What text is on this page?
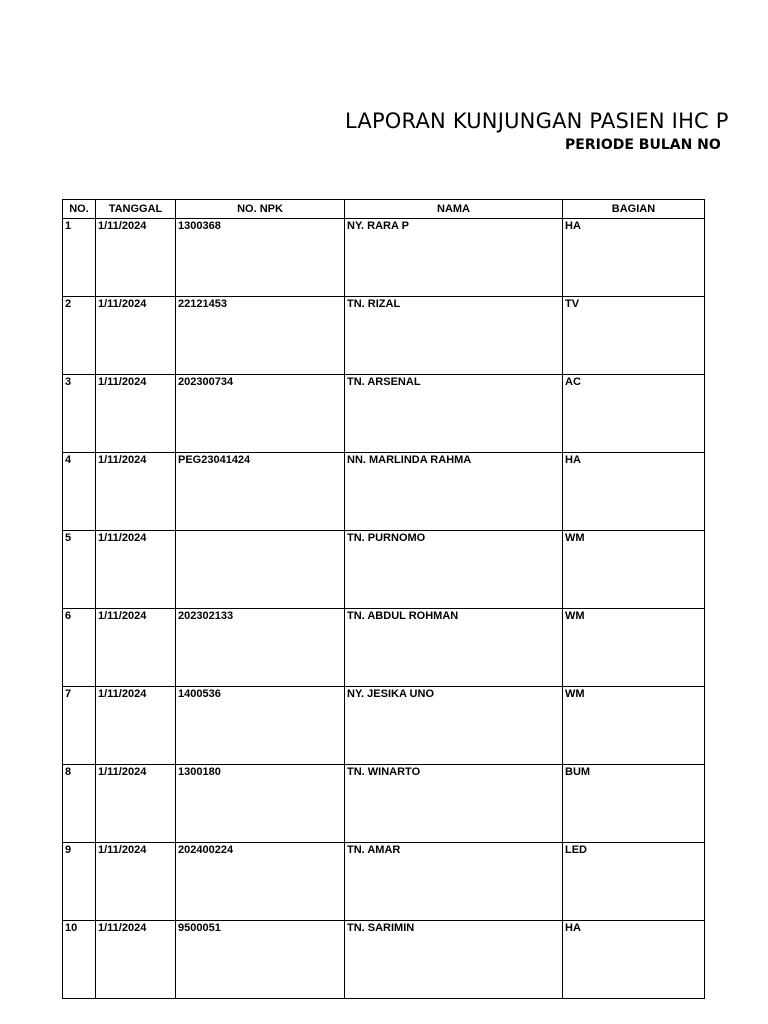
LAPORAN KUNJUNGAN PASIEN IHC P
PERIODE BULAN NO
NO.	TANGGAL	NO. NPK	NAMA	BAGIAN
1	1/11/2024	1300368	NY. RARA P	HA
2	1/11/2024	22121453	TN. RIZAL	TV
3	1/11/2024	202300734	TN. ARSENAL	AC
4	1/11/2024	PEG23041424	NN. MARLINDA RAHMA	HA
5	1/11/2024		TN. PURNOMO	WM
6	1/11/2024	202302133	TN. ABDUL ROHMAN	WM
7	1/11/2024	1400536	NY. JESIKA UNO	WM
8	1/11/2024	1300180	TN. WINARTO	BUM
9	1/11/2024	202400224	TN. AMAR	LED
10	1/11/2024	9500051	TN. SARIMIN	HA
